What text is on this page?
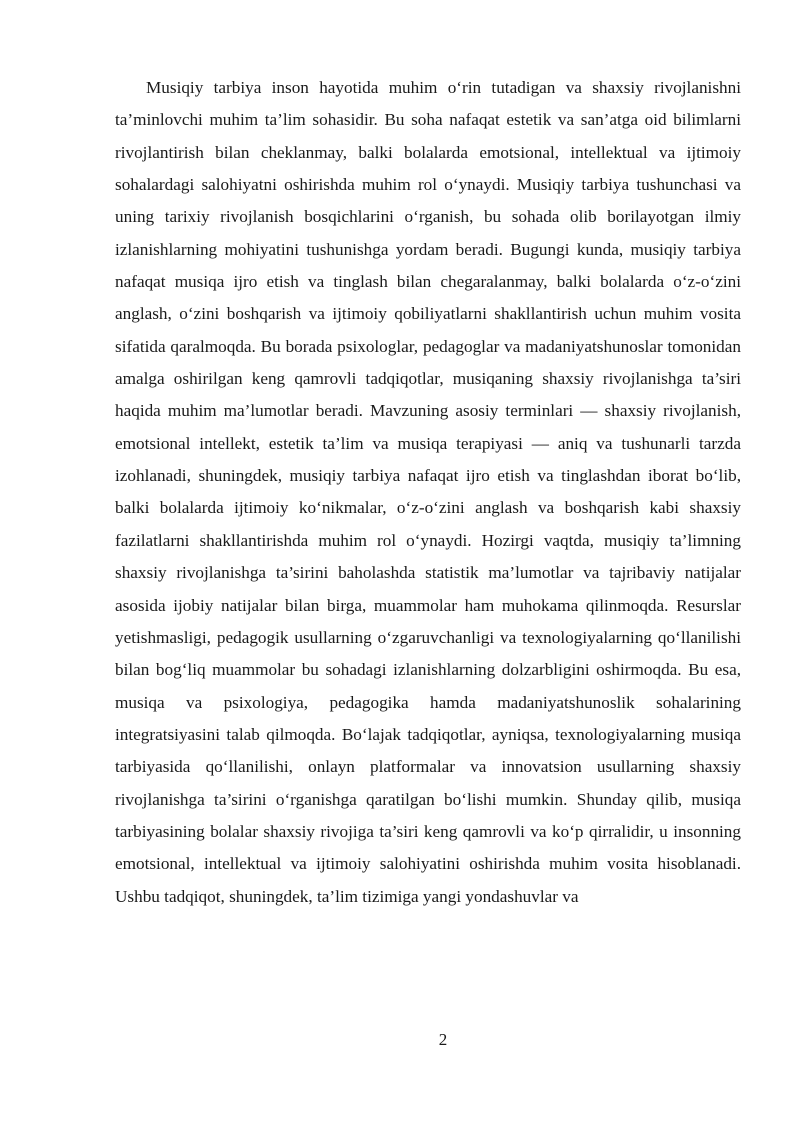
Musiqiy tarbiya inson hayotida muhim o‘rin tutadigan va shaxsiy rivojlanishni ta’minlovchi muhim ta’lim sohasidir. Bu soha nafaqat estetik va san’atga oid bilimlarni rivojlantirish bilan cheklanmay, balki bolalarda emotsional, intellektual va ijtimoiy sohalardagi salohiyatni oshirishda muhim rol o‘ynaydi. Musiqiy tarbiya tushunchasi va uning tarixiy rivojlanish bosqichlarini o‘rganish, bu sohada olib borilayotgan ilmiy izlanishlarning mohiyatini tushunishga yordam beradi. Bugungi kunda, musiqiy tarbiya nafaqat musiqa ijro etish va tinglash bilan chegaralanmay, balki bolalarda o‘z-o‘zini anglash, o‘zini boshqarish va ijtimoiy qobiliyatlarni shakllantirish uchun muhim vosita sifatida qaralmoqda. Bu borada psixologlar, pedagoglar va madaniyatshunoslar tomonidan amalga oshirilgan keng qamrovli tadqiqotlar, musiqaning shaxsiy rivojlanishga ta’siri haqida muhim ma’lumotlar beradi. Mavzuning asosiy terminlari — shaxsiy rivojlanish, emotsional intellekt, estetik ta’lim va musiqa terapiyasi — aniq va tushunarli tarzda izohlanadi, shuningdek, musiqiy tarbiya nafaqat ijro etish va tinglashdan iborat bo‘lib, balki bolalarda ijtimoiy ko‘nikmalar, o‘z-o‘zini anglash va boshqarish kabi shaxsiy fazilatlarni shakllantirishda muhim rol o‘ynaydi. Hozirgi vaqtda, musiqiy ta’limning shaxsiy rivojlanishga ta’sirini baholashda statistik ma’lumotlar va tajribaviy natijalar asosida ijobiy natijalar bilan birga, muammolar ham muhokama qilinmoqda. Resurslar yetishmasligi, pedagogik usullarning o‘zgaruvchanligi va texnologiyalarning qo‘llanilishi bilan bog‘liq muammolar bu sohadagi izlanishlarning dolzarbligini oshirmoqda. Bu esa, musiqa va psixologiya, pedagogika hamda madaniyatshunoslik sohalarining integratsiyasini talab qilmoqda. Bo‘lajak tadqiqotlar, ayniqsa, texnologiyalarning musiqa tarbiyasida qo‘llanilishi, onlayn platformalar va innovatsion usullarning shaxsiy rivojlanishga ta’sirini o‘rganishga qaratilgan bo‘lishi mumkin. Shunday qilib, musiqa tarbiyasining bolalar shaxsiy rivojiga ta’siri keng qamrovli va ko‘p qirralidir, u insonning emotsional, intellektual va ijtimoiy salohiyatini oshirishda muhim vosita hisoblanadi. Ushbu tadqiqot, shuningdek, ta’lim tizimiga yangi yondashuvlar va

2
